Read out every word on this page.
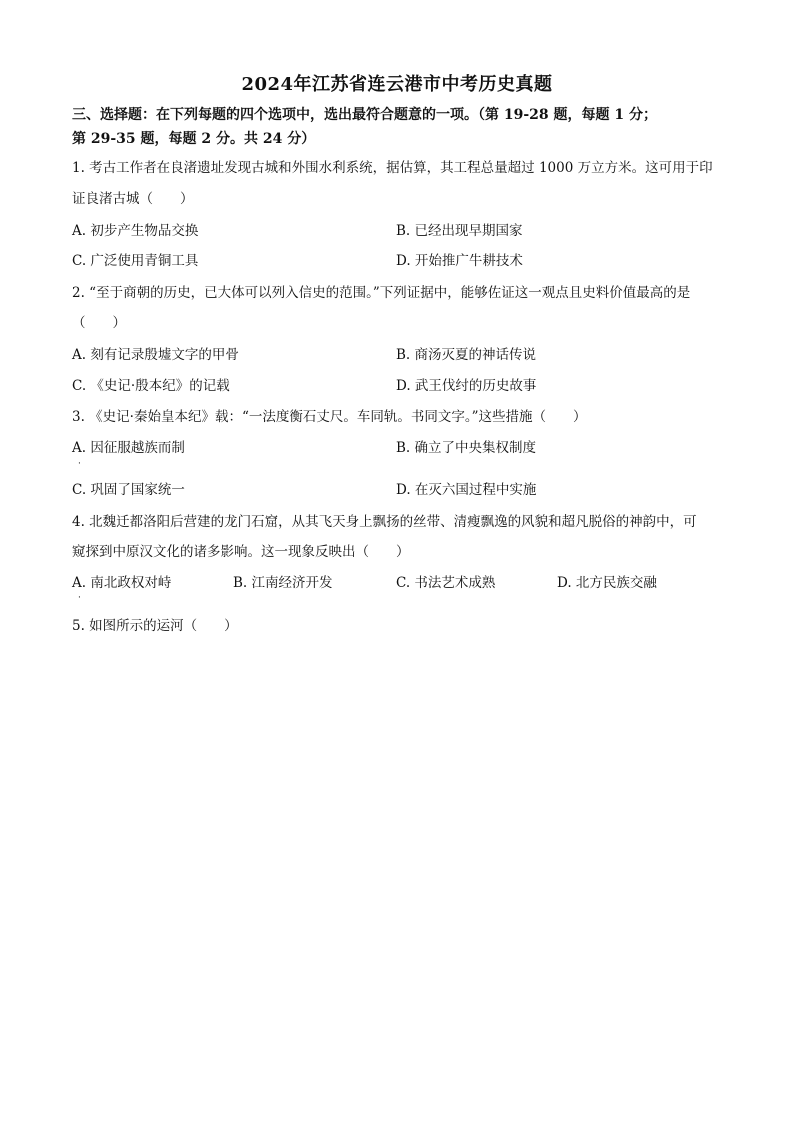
2024年江苏省连云港市中考历史真题
三、选择题：在下列每题的四个选项中，选出最符合题意的一项。（第 19-28 题，每题 1 分；
第 29-35 题，每题 2 分。共 24 分）
1. 考古工作者在良渚遗址发现古城和外围水利系统，据估算，其工程总量超过 1000 万立方米。这可用于印
证良渚古城（　　）
A. 初步产生物品交换	B. 已经出现早期国家
C. 广泛使用青铜工具	D. 开始推广牛耕技术
2. “至于商朝的历史，已大体可以列入信史的范围。”下列证据中，能够佐证这一观点且史料价值最高的是
（　　）
A. 刻有记录殷墟文字的甲骨	B. 商汤灭夏的神话传说
C. 《史记·殷本纪》的记载	D. 武王伐纣的历史故事
3. 《史记·秦始皇本纪》载：“一法度衡石丈尺。车同轨。书同文字。”这些措施（　　）
A. 因征服越族而制
·
B. 确立了中央集权制度
C. 巩固了国家统一	D. 在灭六国过程中实施
4. 北魏迁都洛阳后营建的龙门石窟，从其飞天身上飘扬的丝带、清瘦飘逸的风貌和超凡脱俗的神韵中，可
窥探到中原汉文化的诸多影响。这一现象反映出（　　）
A. 南北政权对峙
·
B. 江南经济开发	C. 书法艺术成熟	D. 北方民族交融
5. 如图所示的运河（　　）
